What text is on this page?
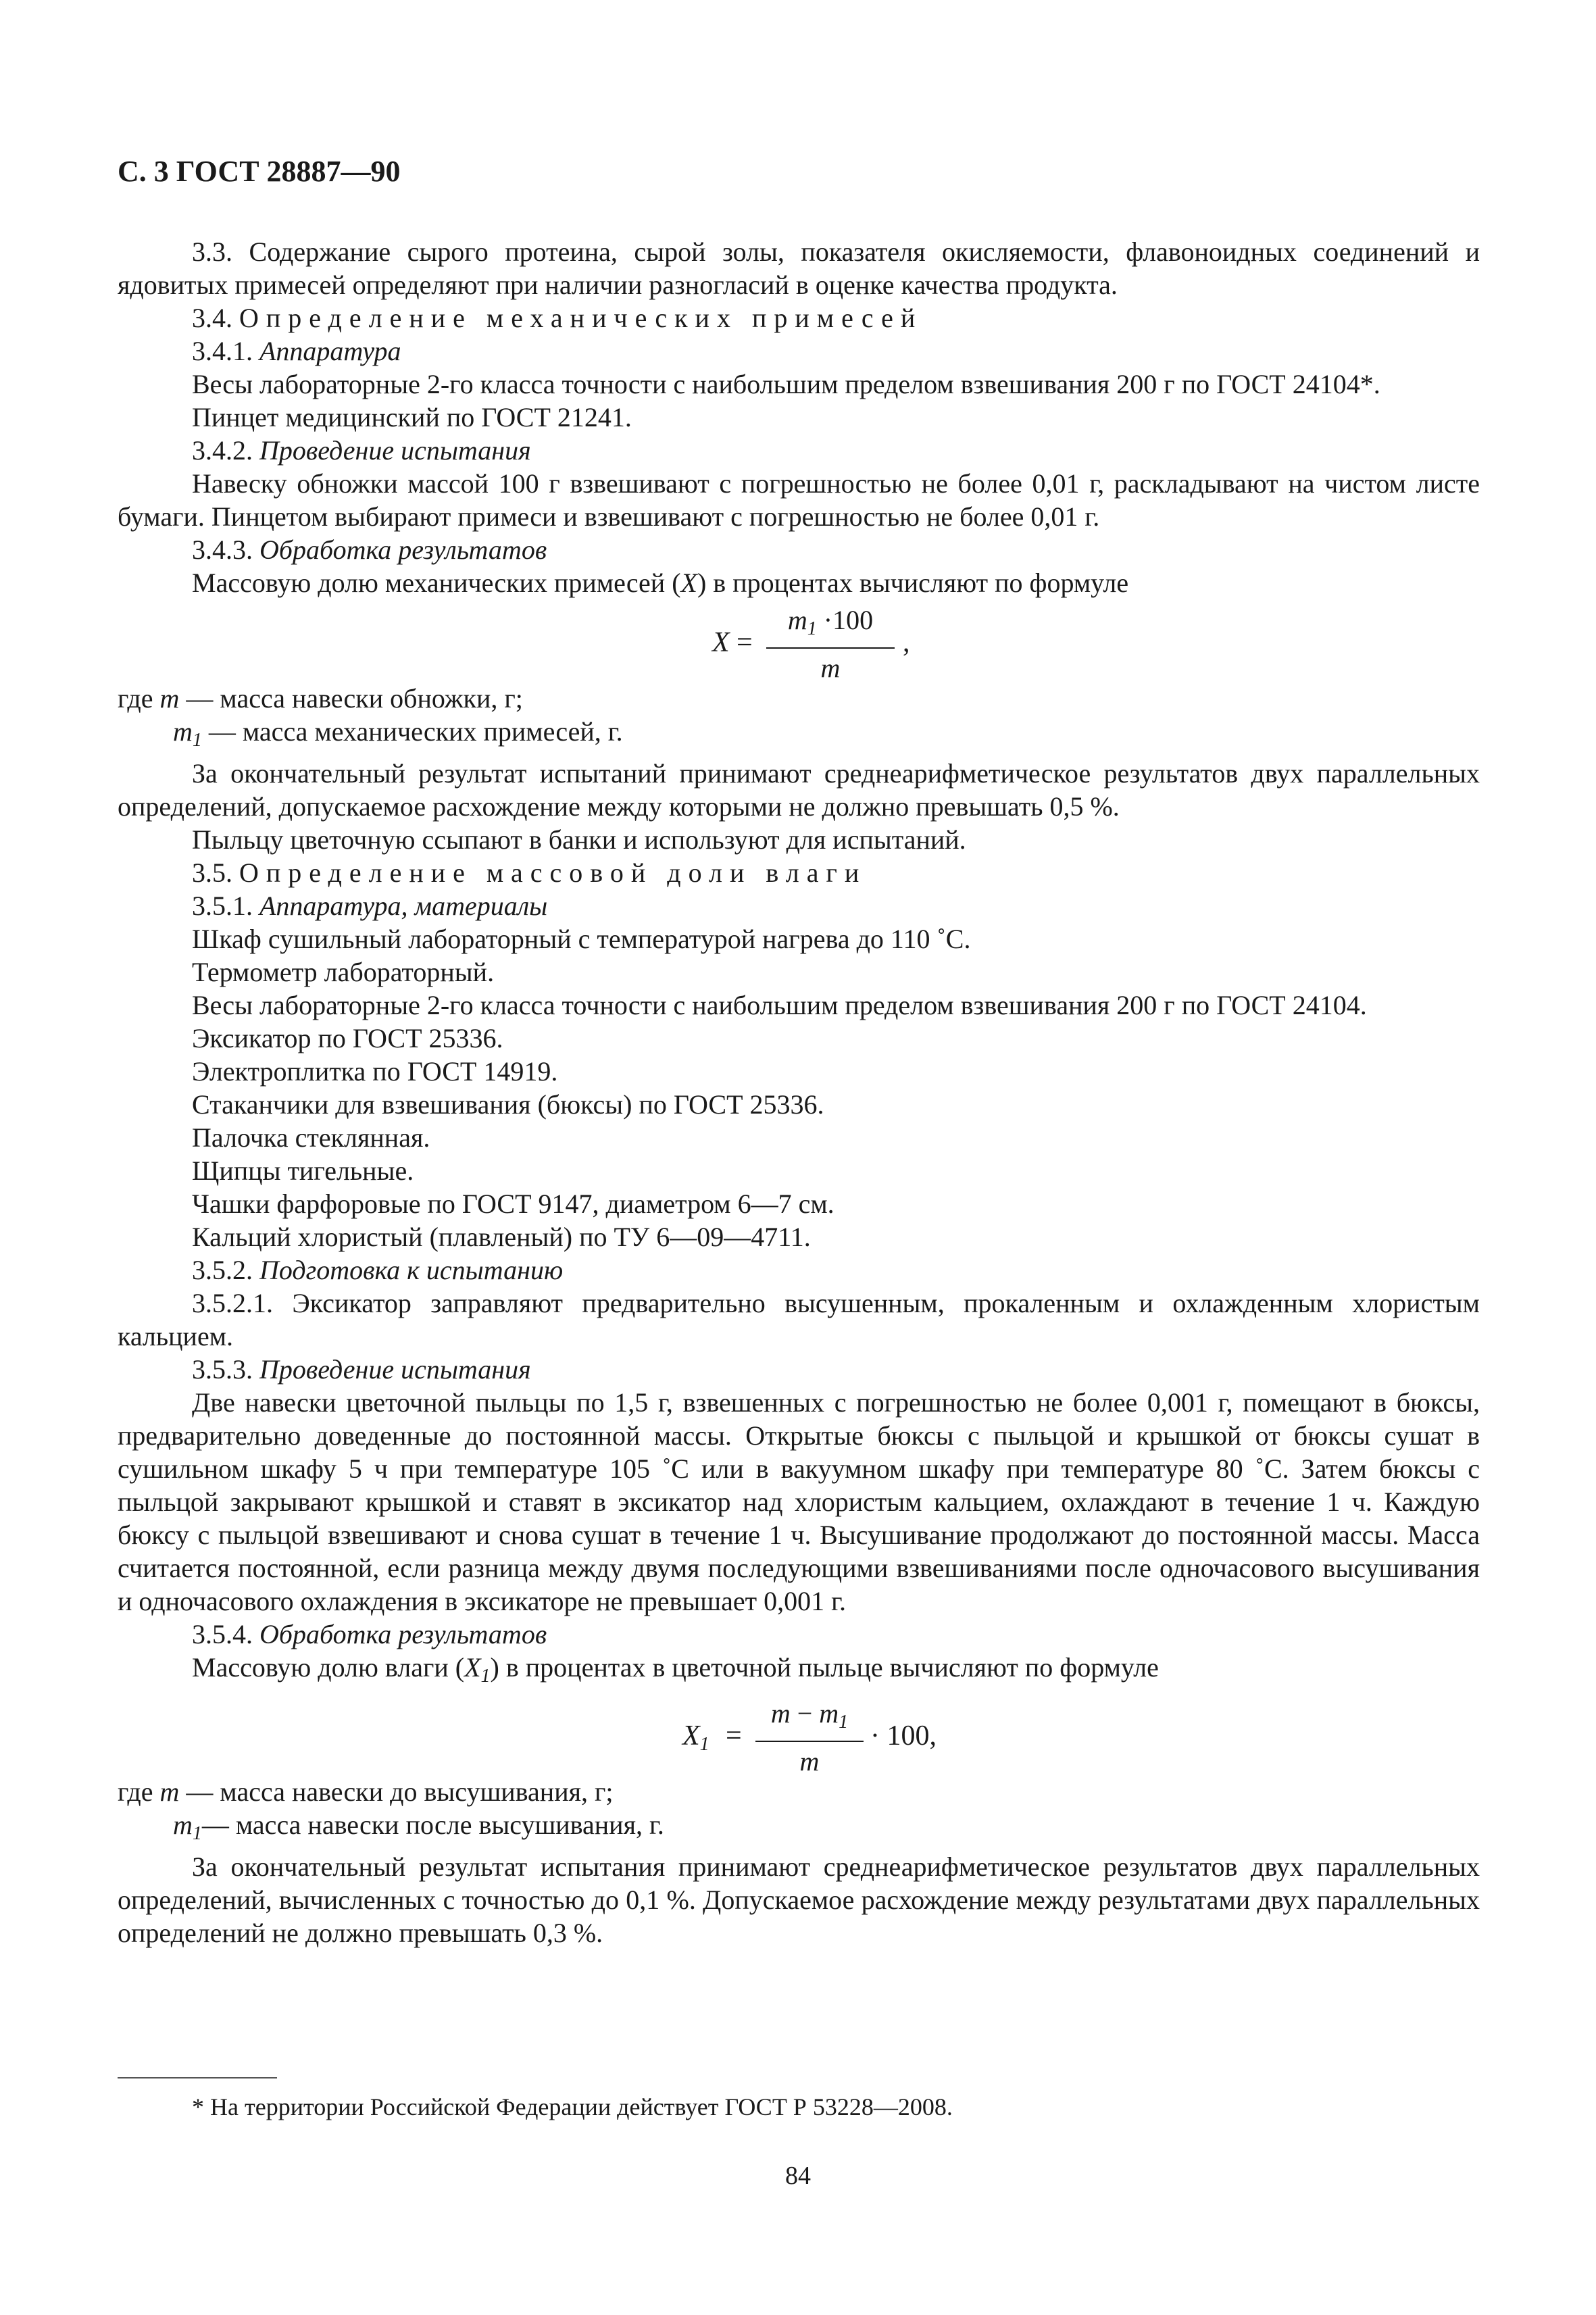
С. 3 ГОСТ 28887—90

3.3. Содержание сырого протеина, сырой золы, показателя окисляемости, флавоноидных соединений и ядовитых примесей определяют при наличии разногласий в оценке качества продукта.

3.4. Определение механических примесей

3.4.1. Аппаратура

Весы лабораторные 2-го класса точности с наибольшим пределом взвешивания 200 г по ГОСТ 24104*.

Пинцет медицинский по ГОСТ 21241.

3.4.2. Проведение испытания

Навеску обножки массой 100 г взвешивают с погрешностью не более 0,01 г, раскладывают на чистом листе бумаги. Пинцетом выбирают примеси и взвешивают с погрешностью не более 0,01 г.

3.4.3. Обработка результатов

Массовую долю механических примесей (X) в процентах вычисляют по формуле

X =
$m_1 \cdot 100$
m
,

где m — масса навески обножки, г;

$m_1$ — масса механических примесей, г.

За окончательный результат испытаний принимают среднеарифметическое результатов двух параллельных определений, допускаемое расхождение между которыми не должно превышать 0,5 %.

Пыльцу цветочную ссыпают в банки и используют для испытаний.

3.5. Определение массовой доли влаги

3.5.1. Аппаратура, материалы

Шкаф сушильный лабораторный с температурой нагрева до 110 ˚С.

Термометр лабораторный.

Весы лабораторные 2-го класса точности с наибольшим пределом взвешивания 200 г по ГОСТ 24104.

Эксикатор по ГОСТ 25336.

Электроплитка по ГОСТ 14919.

Стаканчики для взвешивания (бюксы) по ГОСТ 25336.

Палочка стеклянная.

Щипцы тигельные.

Чашки фарфоровые по ГОСТ 9147, диаметром 6—7 см.

Кальций хлористый (плавленый) по ТУ 6—09—4711.

3.5.2. Подготовка к испытанию

3.5.2.1. Эксикатор заправляют предварительно высушенным, прокаленным и охлажденным хлористым кальцием.

3.5.3. Проведение испытания

Две навески цветочной пыльцы по 1,5 г, взвешенных с погрешностью не более 0,001 г, помещают в бюксы, предварительно доведенные до постоянной массы. Открытые бюксы с пыльцой и крышкой от бюксы сушат в сушильном шкафу 5 ч при температуре 105 ˚С или в вакуумном шкафу при температуре 80 ˚С. Затем бюксы с пыльцой закрывают крышкой и ставят в эксикатор над хлористым кальцием, охлаждают в течение 1 ч. Каждую бюксу с пыльцой взвешивают и снова сушат в течение 1 ч. Высушивание продолжают до постоянной массы. Масса считается постоянной, если разница между двумя последующими взвешиваниями после одночасового высушивания и одночасового охлаждения в эксикаторе не превышает 0,001 г.

3.5.4. Обработка результатов

Массовую долю влаги $(X_1)$ в процентах в цветочной пыльце вычисляют по формуле

$X_1$ =
$m - m_1$
m
· 100,

где m — масса навески до высушивания, г;

$m_1—$ масса навески после высушивания, г.

За окончательный результат испытания принимают среднеарифметическое результатов двух параллельных определений, вычисленных с точностью до 0,1 %. Допускаемое расхождение между результатами двух параллельных определений не должно превышать 0,3 %.

* На территории Российской Федерации действует ГОСТ Р 53228—2008.
84
